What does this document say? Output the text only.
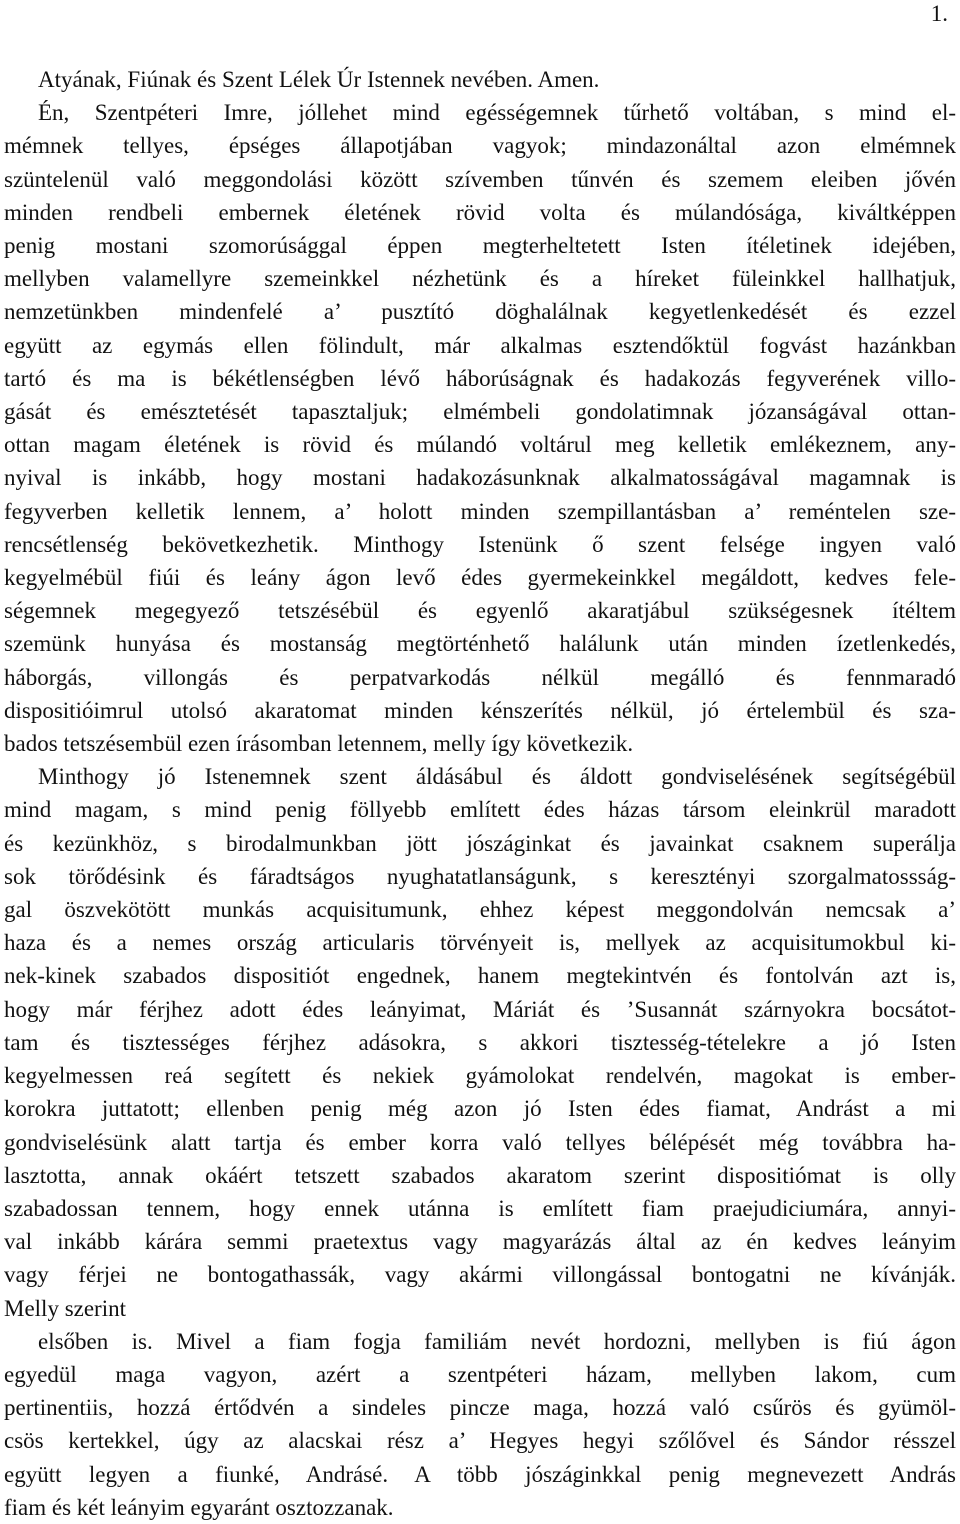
1.
Atyának, Fiúnak és Szent Lélek Úr Istennek nevében. Amen.
Én, Szentpéteri Imre, jóllehet mind egésségemnek tűrhető voltában, s mind el-
mémnek tellyes, épséges állapotjában vagyok; mindazonáltal azon elmémnek
szüntelenül való meggondolási között szívemben tűnvén és szemem eleiben jővén
minden rendbeli embernek életének rövid volta és múlandósága, kiváltképpen
penig mostani szomorúsággal éppen megterheltetett Isten ítéletinek idejében,
mellyben valamellyre szemeinkkel nézhetünk és a híreket füleinkkel hallhatjuk,
nemzetünkben mindenfelé a’ pusztító döghalálnak kegyetlenkedését és ezzel
együtt az egymás ellen fölindult, már alkalmas esztendőktül fogvást hazánkban
tartó és ma is békétlenségben lévő háborúságnak és hadakozás fegyverének villo-
gását és emésztetését tapasztaljuk; elmémbeli gondolatimnak józanságával ottan-
ottan magam életének is rövid és múlandó voltárul meg kelletik emlékeznem, any-
nyival is inkább, hogy mostani hadakozásunknak alkalmatosságával magamnak is
fegyverben kelletik lennem, a’ holott minden szempillantásban a’ reméntelen sze-
rencsétlenség bekövetkezhetik. Minthogy Istenünk ő szent felsége ingyen való
kegyelmébül fiúi és leány ágon levő édes gyermekeinkkel megáldott, kedves fele-
ségemnek megegyező tetszésébül és egyenlő akaratjábul szükségesnek ítéltem
szemünk hunyása és mostanság megtörténhető halálunk után minden ízetlenkedés,
háborgás, villongás és perpatvarkodás nélkül megálló és fennmaradó
dispositióimrul utolsó akaratomat minden kénszerítés nélkül, jó értelembül és sza-
bados tetszésembül ezen írásomban letennem, melly így következik.
Minthogy jó Istenemnek szent áldásábul és áldott gondviselésének segítségébül
mind magam, s mind penig föllyebb említett édes házas társom eleinkrül maradott
és kezünkhöz, s birodalmunkban jött jószáginkat és javainkat csaknem superálja
sok törődésink és fáradtságos nyughatatlanságunk, s keresztényi szorgalmatossság-
gal öszvekötött munkás acquisitumunk, ehhez képest meggondolván nemcsak a’
haza és a nemes ország articularis törvényeit is, mellyek az acquisitumokbul ki-
nek-kinek szabados dispositiót engednek, hanem megtekintvén és fontolván azt is,
hogy már férjhez adott édes leányimat, Máriát és ’Susannát szárnyokra bocsátot-
tam és tisztességes férjhez adásokra, s akkori tisztesség-tételekre a jó Isten
kegyelmessen reá segített és nekiek gyámolokat rendelvén, magokat is ember-
korokra juttatott; ellenben penig még azon jó Isten édes fiamat, Andrást a mi
gondviselésünk alatt tartja és ember korra való tellyes bélépését még továbbra ha-
lasztotta, annak okáért tetszett szabados akaratom szerint dispositiómat is olly
szabadossan tennem, hogy ennek utánna is említett fiam praejudiciumára, annyi-
val inkább kárára semmi praetextus vagy magyarázás által az én kedves leányim
vagy férjei ne bontogathassák, vagy akármi villongással bontogatni ne kívánják.
Melly szerint
elsőben is. Mivel a fiam fogja familiám nevét hordozni, mellyben is fiú ágon
egyedül maga vagyon, azért a szentpéteri házam, mellyben lakom, cum
pertinentiis, hozzá értődvén a sindeles pincze maga, hozzá való csűrös és gyümöl-
csös kertekkel, úgy az alacskai rész a’ Hegyes hegyi szőlővel és Sándor résszel
együtt legyen a fiunké, Andrásé. A több jószáginkkal penig megnevezett András
fiam és két leányim egyaránt osztozzanak.
